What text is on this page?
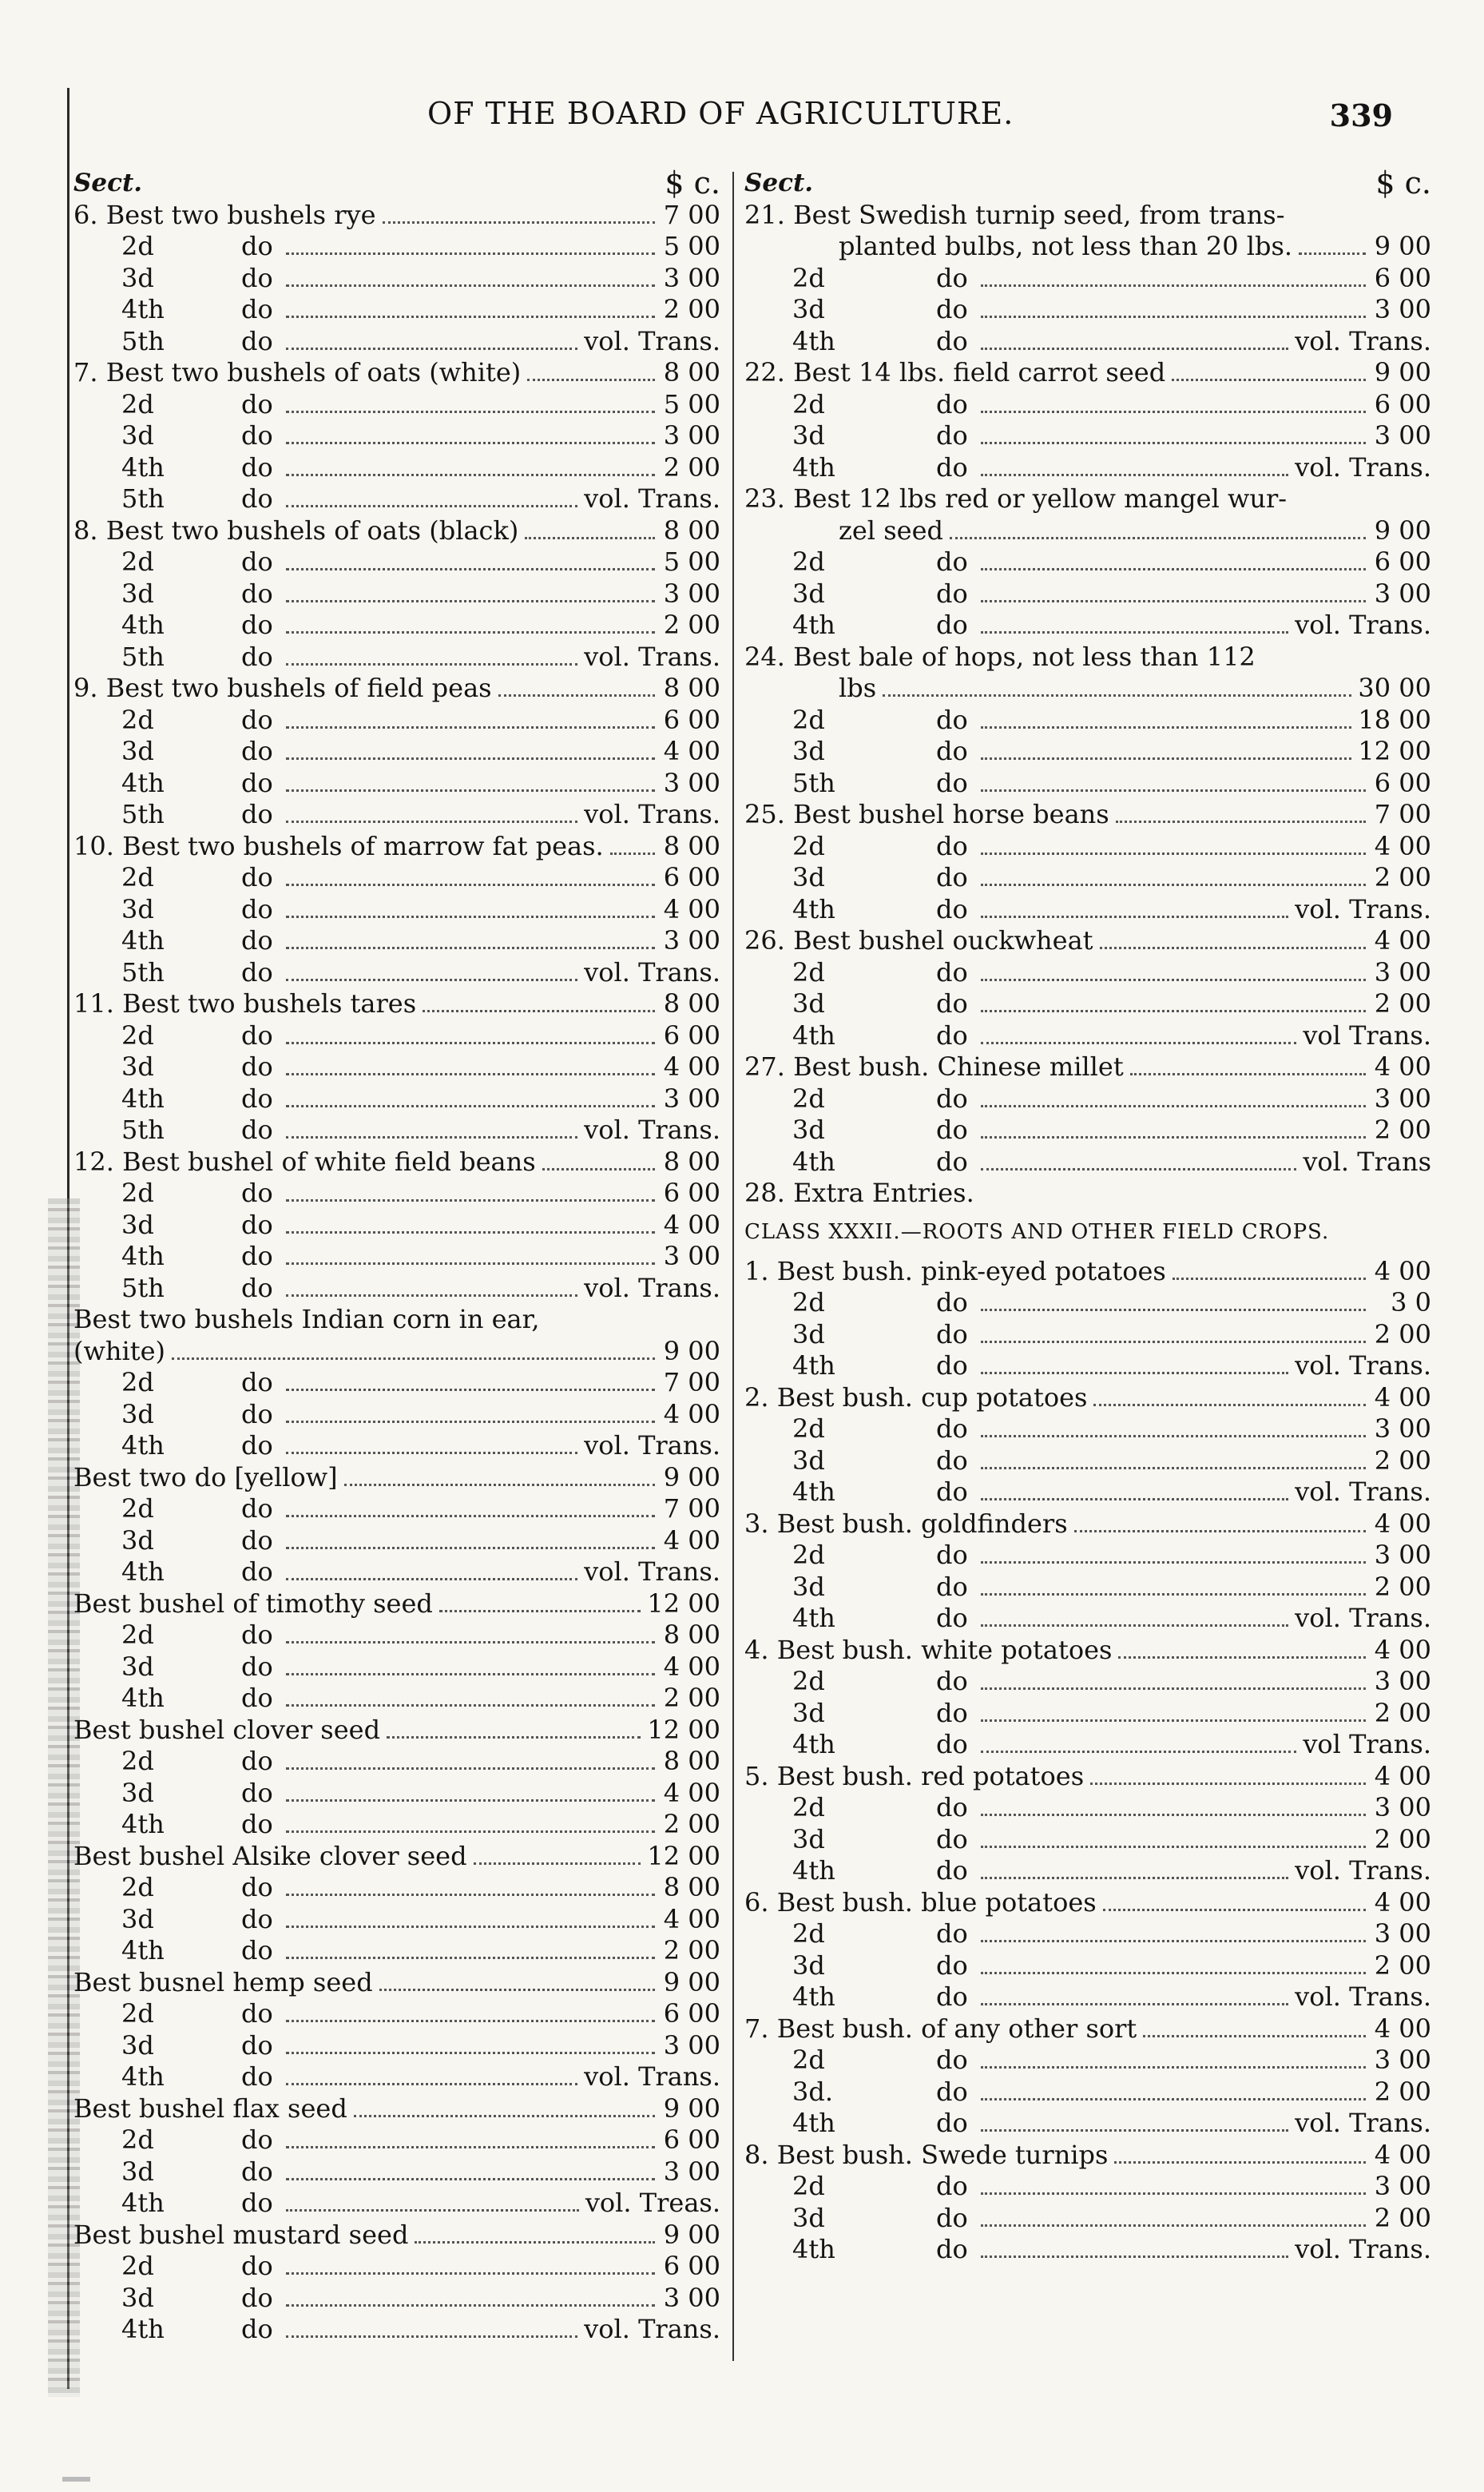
OF THE BOARD OF AGRICULTURE.	339
Sect.	$ c.
6. Best two bushels rye	7 00
2d	do	5 00
3d	do	3 00
4th	do	2 00
5th	do	vol. Trans.
7. Best two bushels of oats (white)	8 00
2d	do	5 00
3d	do	3 00
4th	do	2 00
5th	do	vol. Trans.
8. Best two bushels of oats (black)	8 00
2d	do	5 00
3d	do	3 00
4th	do	2 00
5th	do	vol. Trans.
9. Best two bushels of field peas	8 00
2d	do	6 00
3d	do	4 00
4th	do	3 00
5th	do	vol. Trans.
10. Best two bushels of marrow fat peas. 8 00
2d	do	6 00
3d	do	4 00
4th	do	3 00
5th	do	vol. Trans.
11. Best two bushels tares	8 00
2d	do	6 00
3d	do	4 00
4th	do	3 00
5th	do	vol. Trans.
12. Best bushel of white field beans	8 00
2d	do	6 00
3d	do	4 00
4th	do	3 00
5th	do	vol. Trans.
Best two bushels Indian corn in ear,
(white)	9 00
2d	do	7 00
3d	do	4 00
4th	do	vol. Trans.
Best two do [yellow]	9 00
2d	do	7 00
3d	do	4 00
4th	do	vol. Trans.
Best bushel of timothy seed	12 00
2d	do	8 00
3d	do	4 00
4th	do	2 00
Best bushel clover seed	12 00
2d	do	8 00
3d	do	4 00
4th	do	2 00
Best bushel Alsike clover seed	12 00
2d	do	8 00
3d	do	4 00
4th	do	2 00
Best busnel hemp seed	9 00
2d	do	6 00
3d	do	3 00
4th	do	vol. Trans.
Best bushel flax seed	9 00
2d	do	6 00
3d	do	3 00
4th	do	vol. Treas.
Best bushel mustard seed	9 00
2d	do	6 00
3d	do	3 00
4th	do	vol. Trans.
Sect.	$ c.
21. Best Swedish turnip seed, from trans-
planted bulbs, not less than 20 lbs.	9 00
2d	do	6 00
3d	do	3 00
4th	do	vol. Trans.
22. Best 14 lbs. field carrot seed	9 00
2d	do	6 00
3d	do	3 00
4th	do	vol. Trans.
23. Best 12 lbs red or yellow mangel wur-
zel seed	9 00
2d	do	6 00
3d	do	3 00
4th	do	vol. Trans.
24. Best bale of hops, not less than 112
lbs	30 00
2d	do	18 00
3d	do	12 00
5th	do	6 00
25. Best bushel horse beans	7 00
2d	do	4 00
3d	do	2 00
4th	do	vol. Trans.
26. Best bushel ouckwheat	4 00
2d	do	3 00
3d	do	2 00
4th	do	vol Trans.
27. Best bush. Chinese millet	4 00
2d	do	3 00
3d	do	2 00
4th	do	vol. Trans
28. Extra Entries.
CLASS XXXII.—ROOTS AND OTHER FIELD CROPS.
1. Best bush. pink-eyed potatoes	4 00
2d	do	3 0
3d	do	2 00
4th	do	vol. Trans.
2. Best bush. cup potatoes	4 00
2d	do	3 00
3d	do	2 00
4th	do	vol. Trans.
3. Best bush. goldfinders	4 00
2d	do	3 00
3d	do	2 00
4th	do	vol. Trans.
4. Best bush. white potatoes	4 00
2d	do	3 00
3d	do	2 00
4th	do	vol Trans.
5. Best bush. red potatoes	4 00
2d	do	3 00
3d	do	2 00
4th	do	vol. Trans.
6. Best bush. blue potatoes	4 00
2d	do	3 00
3d	do	2 00
4th	do	vol. Trans.
7. Best bush. of any other sort	4 00
2d	do	3 00
3d.	do	2 00
4th	do	vol. Trans.
8. Best bush. Swede turnips	4 00
2d	do	3 00
3d	do	2 00
4th	do	vol. Trans.
